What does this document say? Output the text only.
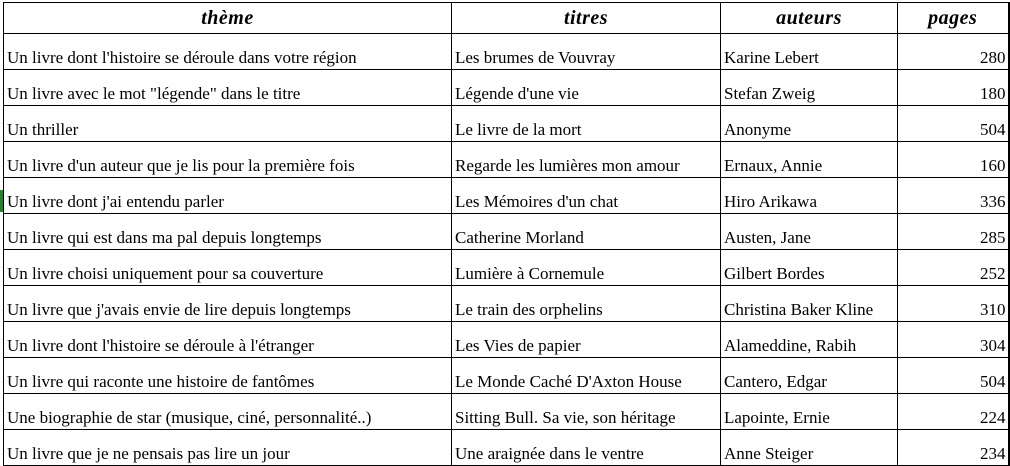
thème	titres	auteurs	pages
Un livre dont l'histoire se déroule dans votre région	Les brumes de Vouvray	Karine Lebert	280
Un livre avec le mot "légende" dans le titre	Légende d'une vie	Stefan Zweig	180
Un thriller	Le livre de la mort	Anonyme	504
Un livre d'un auteur que je lis pour la première fois	Regarde les lumières mon amour	Ernaux, Annie	160
Un livre dont j'ai entendu parler	Les Mémoires d'un chat	Hiro Arikawa	336
Un livre qui est dans ma pal depuis longtemps	Catherine Morland	Austen, Jane	285
Un livre choisi uniquement pour sa couverture	Lumière à Cornemule	Gilbert Bordes	252
Un livre que j'avais envie de lire depuis longtemps	Le train des orphelins	Christina Baker Kline	310
Un livre dont l'histoire se déroule à l'étranger	Les Vies de papier	Alameddine, Rabih	304
Un livre qui raconte une histoire de fantômes	Le Monde Caché D'Axton House	Cantero, Edgar	504
Une biographie de star (musique, ciné, personnalité..)	Sitting Bull. Sa vie, son héritage	Lapointe, Ernie	224
Un livre que je ne pensais pas lire un jour	Une araignée dans le ventre	Anne Steiger	234
